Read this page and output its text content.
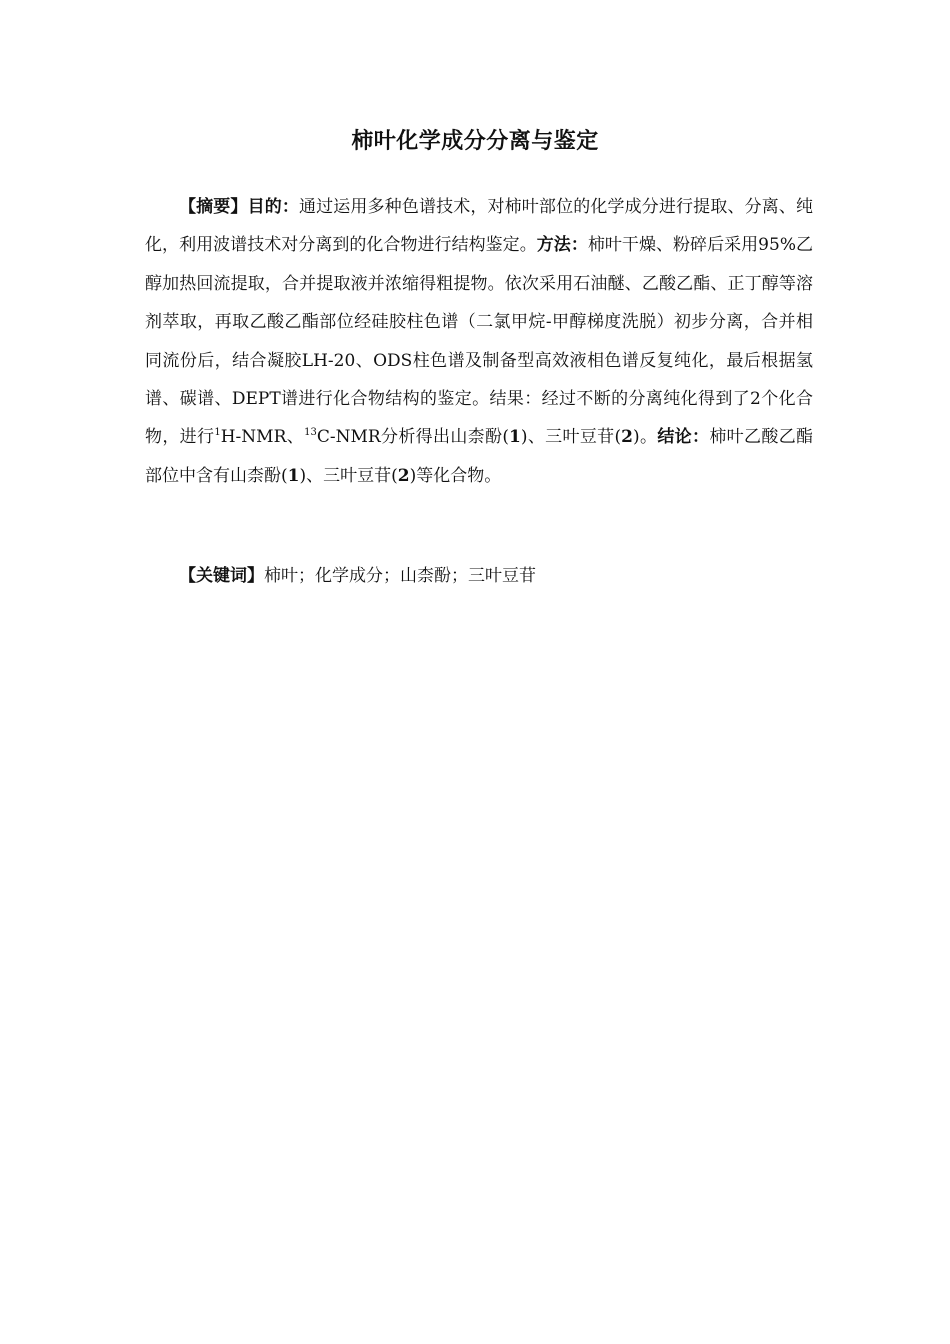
柿叶化学成分分离与鉴定
【摘要】目的：通过运用多种色谱技术，对柿叶部位的化学成分进行提取、分离、纯化，利用波谱技术对分离到的化合物进行结构鉴定。方法：柿叶干燥、粉碎后采用95%乙醇加热回流提取，合并提取液并浓缩得粗提物。依次采用石油醚、乙酸乙酯、正丁醇等溶剂萃取，再取乙酸乙酯部位经硅胶柱色谱（二氯甲烷-甲醇梯度洗脱）初步分离，合并相同流份后，结合凝胶LH-20、ODS柱色谱及制备型高效液相色谱反复纯化，最后根据氢谱、碳谱、DEPT谱进行化合物结构的鉴定。结果：经过不断的分离纯化得到了2个化合物，进行$^1$H-NMR、$^{13}$C-NMR分析得出山柰酚(1)、三叶豆苷(2)。结论：柿叶乙酸乙酯部位中含有山柰酚(1)、三叶豆苷(2)等化合物。
【关键词】柿叶；化学成分；山柰酚；三叶豆苷
